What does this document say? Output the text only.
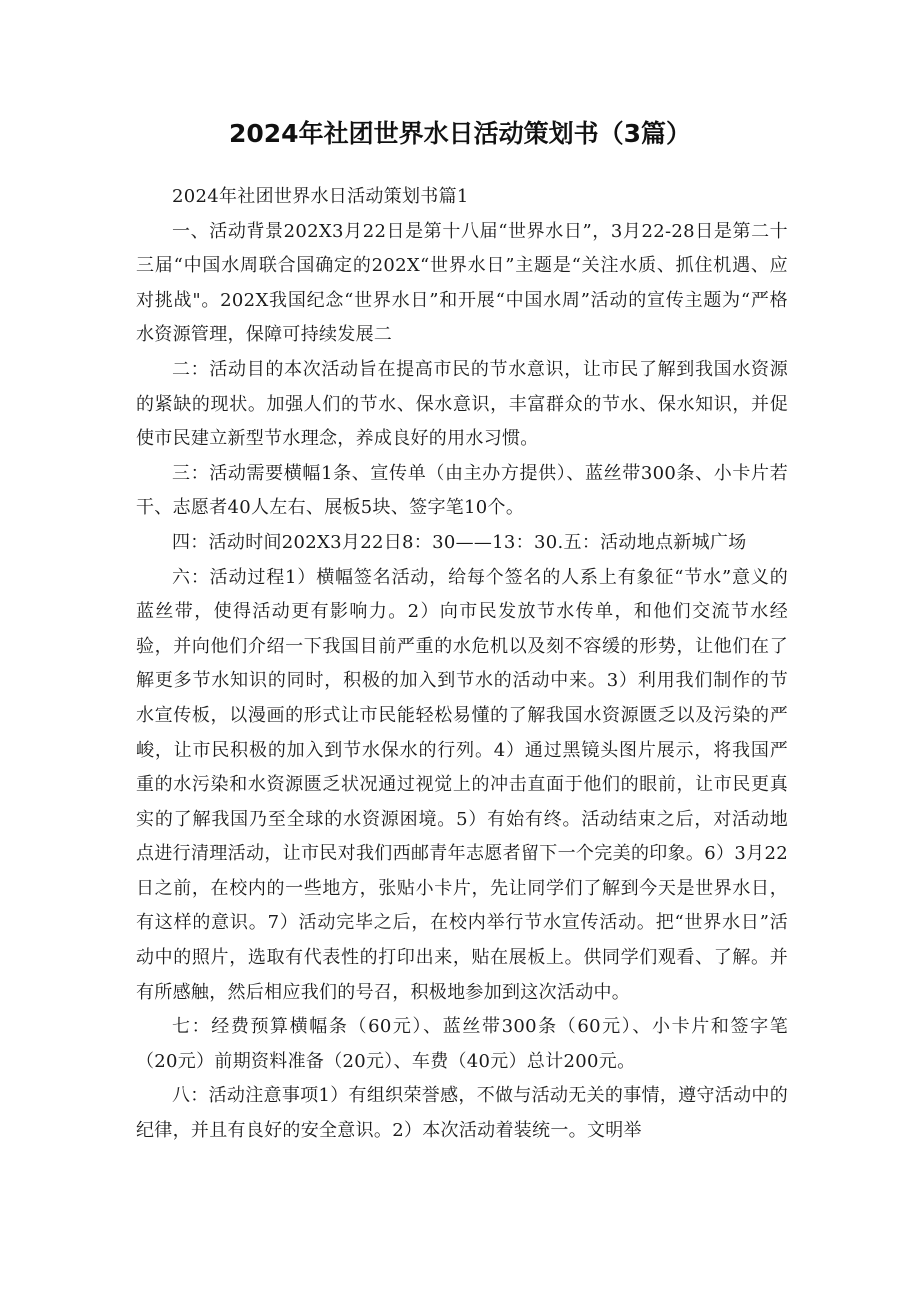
2024年社团世界水日活动策划书（3篇）

2024年社团世界水日活动策划书篇1

一、活动背景202X3月22日是第十八届“世界水日”，3月22-28日是第二十三届“中国水周联合国确定的202X“世界水日”主题是“关注水质、抓住机遇、应对挑战"。202X我国纪念“世界水日”和开展“中国水周”活动的宣传主题为“严格水资源管理，保障可持续发展二

二：活动目的本次活动旨在提高市民的节水意识，让市民了解到我国水资源的紧缺的现状。加强人们的节水、保水意识，丰富群众的节水、保水知识，并促使市民建立新型节水理念，养成良好的用水习惯。

三：活动需要横幅1条、宣传单（由主办方提供）、蓝丝带300条、小卡片若干、志愿者40人左右、展板5块、签字笔10个。

四：活动时间202X3月22日8：30——13：30.五：活动地点新城广场

六：活动过程1）横幅签名活动，给每个签名的人系上有象征“节水”意义的蓝丝带，使得活动更有影响力。2）向市民发放节水传单，和他们交流节水经验，并向他们介绍一下我国目前严重的水危机以及刻不容缓的形势，让他们在了解更多节水知识的同时，积极的加入到节水的活动中来。3）利用我们制作的节水宣传板，以漫画的形式让市民能轻松易懂的了解我国水资源匮乏以及污染的严峻，让市民积极的加入到节水保水的行列。4）通过黑镜头图片展示，将我国严重的水污染和水资源匮乏状况通过视觉上的冲击直面于他们的眼前，让市民更真实的了解我国乃至全球的水资源困境。5）有始有终。活动结束之后，对活动地点进行清理活动，让市民对我们西邮青年志愿者留下一个完美的印象。6）3月22日之前，在校内的一些地方，张贴小卡片，先让同学们了解到今天是世界水日，有这样的意识。7）活动完毕之后，在校内举行节水宣传活动。把“世界水日”活动中的照片，选取有代表性的打印出来，贴在展板上。供同学们观看、了解。并有所感触，然后相应我们的号召，积极地参加到这次活动中。

七：经费预算横幅条（60元）、蓝丝带300条（60元）、小卡片和签字笔（20元）前期资料准备（20元）、车费（40元）总计200元。

八：活动注意事项1）有组织荣誉感，不做与活动无关的事情，遵守活动中的纪律，并且有良好的安全意识。2）本次活动着装统一。文明举
